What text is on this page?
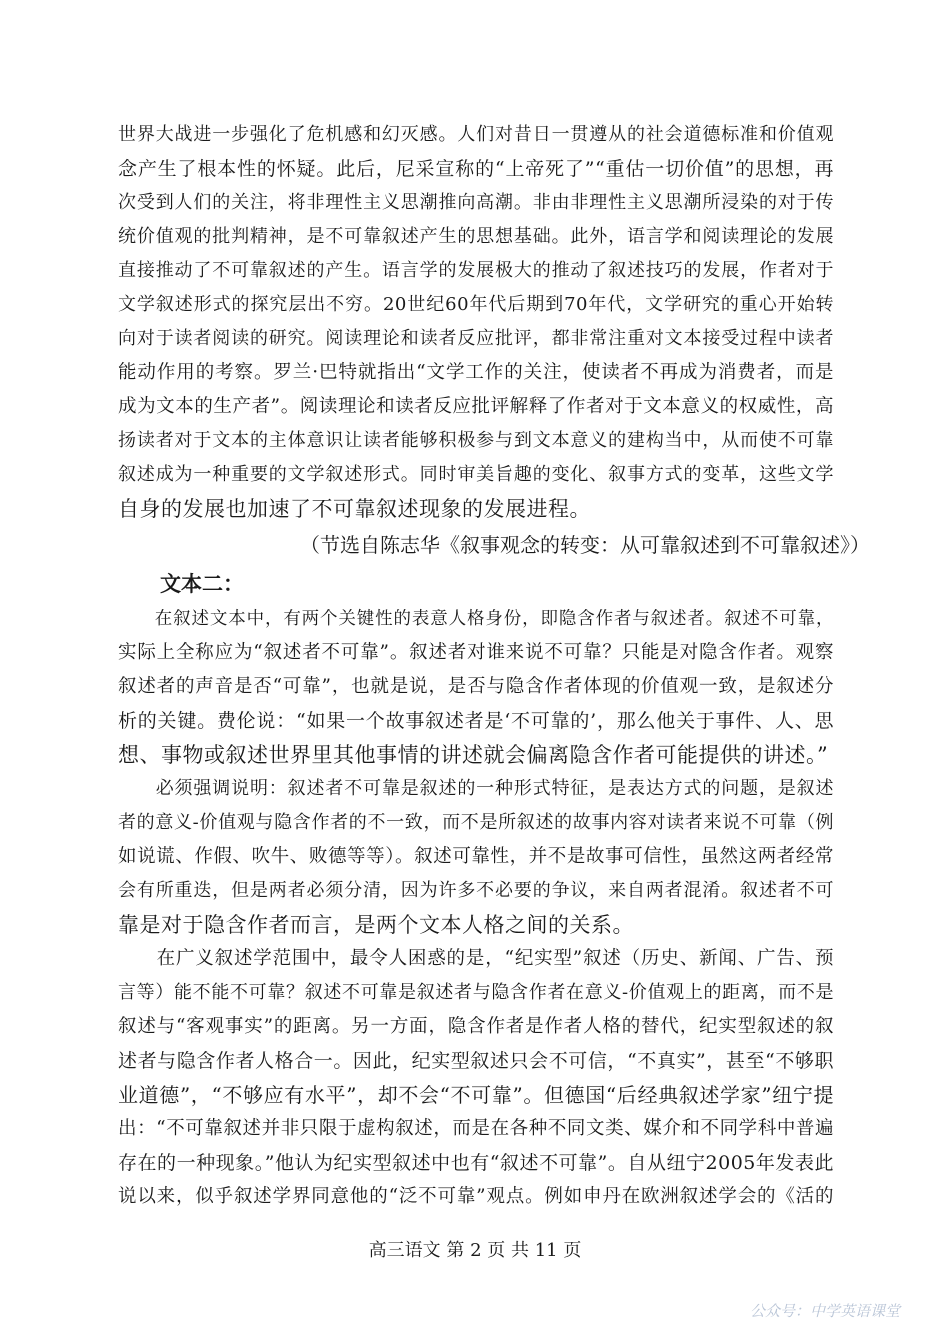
世界大战进一步强化了危机感和幻灭感。人们对昔日一贯遵从的社会道德标准和价值观
念产生了根本性的怀疑。此后，尼采宣称的“上帝死了”“重估一切价值”的思想，再
次受到人们的关注，将非理性主义思潮推向高潮。非由非理性主义思潮所浸染的对于传
统价值观的批判精神，是不可靠叙述产生的思想基础。此外，语言学和阅读理论的发展
直接推动了不可靠叙述的产生。语言学的发展极大的推动了叙述技巧的发展，作者对于
文学叙述形式的探究层出不穷。20世纪60年代后期到70年代，文学研究的重心开始转
向对于读者阅读的研究。阅读理论和读者反应批评，都非常注重对文本接受过程中读者
能动作用的考察。罗兰·巴特就指出“文学工作的关注，使读者不再成为消费者，而是
成为文本的生产者”。阅读理论和读者反应批评解释了作者对于文本意义的权威性，高
扬读者对于文本的主体意识让读者能够积极参与到文本意义的建构当中，从而使不可靠
叙述成为一种重要的文学叙述形式。同时审美旨趣的变化、叙事方式的变革，这些文学
自身的发展也加速了不可靠叙述现象的发展进程。
（节选自陈志华《叙事观念的转变：从可靠叙述到不可靠叙述》）
文本二：
　　在叙述文本中，有两个关键性的表意人格身份，即隐含作者与叙述者。叙述不可靠，
实际上全称应为“叙述者不可靠”。叙述者对谁来说不可靠？只能是对隐含作者。观察
叙述者的声音是否“可靠”，也就是说，是否与隐含作者体现的价值观一致，是叙述分
析的关键。费伦说：“如果一个故事叙述者是‘不可靠的’，那么他关于事件、人、思
想、事物或叙述世界里其他事情的讲述就会偏离隐含作者可能提供的讲述。”
　　必须强调说明：叙述者不可靠是叙述的一种形式特征，是表达方式的问题，是叙述
者的意义-价值观与隐含作者的不一致，而不是所叙述的故事内容对读者来说不可靠（例
如说谎、作假、吹牛、败德等等）。叙述可靠性，并不是故事可信性，虽然这两者经常
会有所重迭，但是两者必须分清，因为许多不必要的争议，来自两者混淆。叙述者不可
靠是对于隐含作者而言，是两个文本人格之间的关系。
　　在广义叙述学范围中，最令人困惑的是，“纪实型”叙述（历史、新闻、广告、预
言等）能不能不可靠？叙述不可靠是叙述者与隐含作者在意义-价值观上的距离，而不是
叙述与“客观事实”的距离。另一方面，隐含作者是作者人格的替代，纪实型叙述的叙
述者与隐含作者人格合一。因此，纪实型叙述只会不可信，“不真实”，甚至“不够职
业道德”，“不够应有水平”，却不会“不可靠”。但德国“后经典叙述学家”纽宁提
出：“不可靠叙述并非只限于虚构叙述，而是在各种不同文类、媒介和不同学科中普遍
存在的一种现象。”他认为纪实型叙述中也有“叙述不可靠”。自从纽宁2005年发表此
说以来，似乎叙述学界同意他的“泛不可靠”观点。例如申丹在欧洲叙述学会的《活的
高三语文 第 2 页 共 11 页
公众号：中学英语课堂
